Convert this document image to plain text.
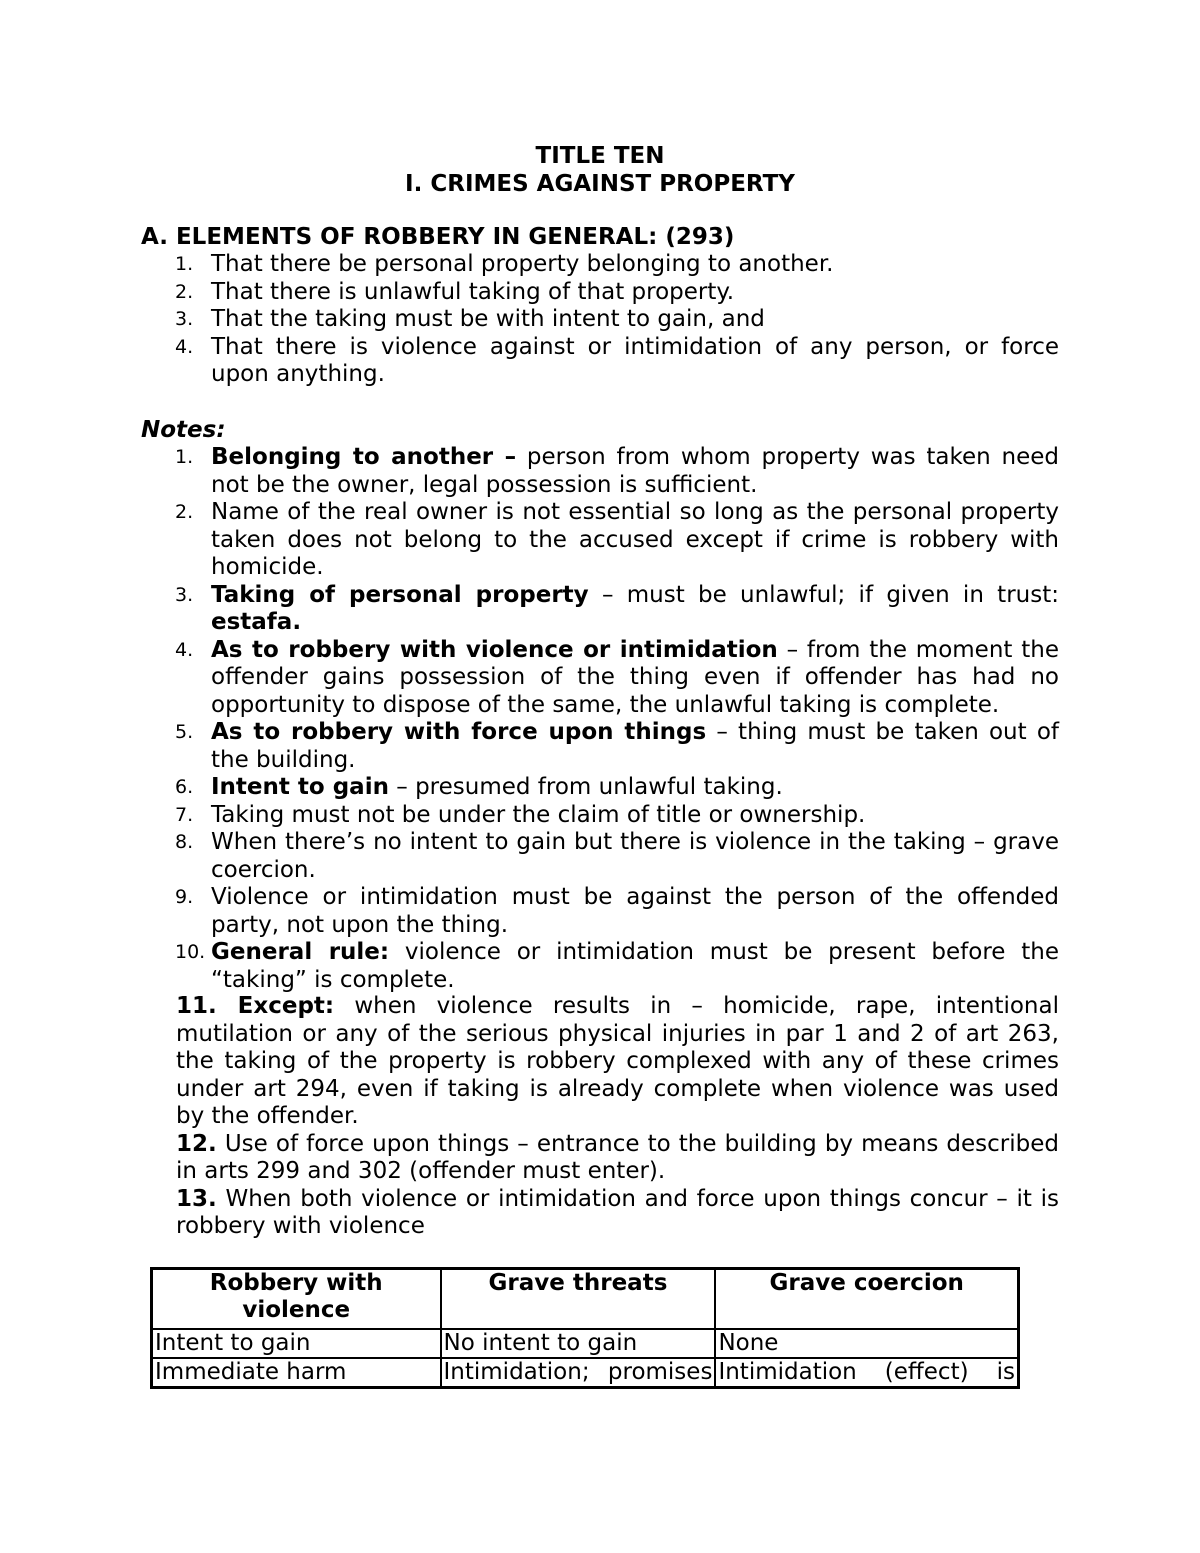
TITLE TEN
I. CRIMES AGAINST PROPERTY
A. ELEMENTS OF ROBBERY IN GENERAL: (293)
1. That there be personal property belonging to another.
2. That there is unlawful taking of that property.
3. That the taking must be with intent to gain, and
4. That there is violence against or intimidation of any person, or force upon anything.
Notes:
1. Belonging to another – person from whom property was taken need not be the owner, legal possession is sufficient.
2. Name of the real owner is not essential so long as the personal property taken does not belong to the accused except if crime is robbery with homicide.
3. Taking of personal property – must be unlawful; if given in trust: estafa.
4. As to robbery with violence or intimidation – from the moment the offender gains possession of the thing even if offender has had no opportunity to dispose of the same, the unlawful taking is complete.
5. As to robbery with force upon things – thing must be taken out of the building.
6. Intent to gain – presumed from unlawful taking.
7. Taking must not be under the claim of title or ownership.
8. When there’s no intent to gain but there is violence in the taking – grave coercion.
9. Violence or intimidation must be against the person of the offended party, not upon the thing.
10. General rule: violence or intimidation must be present before the “taking” is complete.

11. Except: when violence results in – homicide, rape, intentional mutilation or any of the serious physical injuries in par 1 and 2 of art 263, the taking of the property is robbery complexed with any of these crimes under art 294, even if taking is already complete when violence was used by the offender.

12. Use of force upon things – entrance to the building by means described in arts 299 and 302 (offender must enter).

13. When both violence or intimidation and force upon things concur – it is robbery with violence

Robbery with violence	Grave threats	Grave coercion
Intent to gain	No intent to gain	None
Immediate harm	Intimidation; promises	Intimidation (effect) is
